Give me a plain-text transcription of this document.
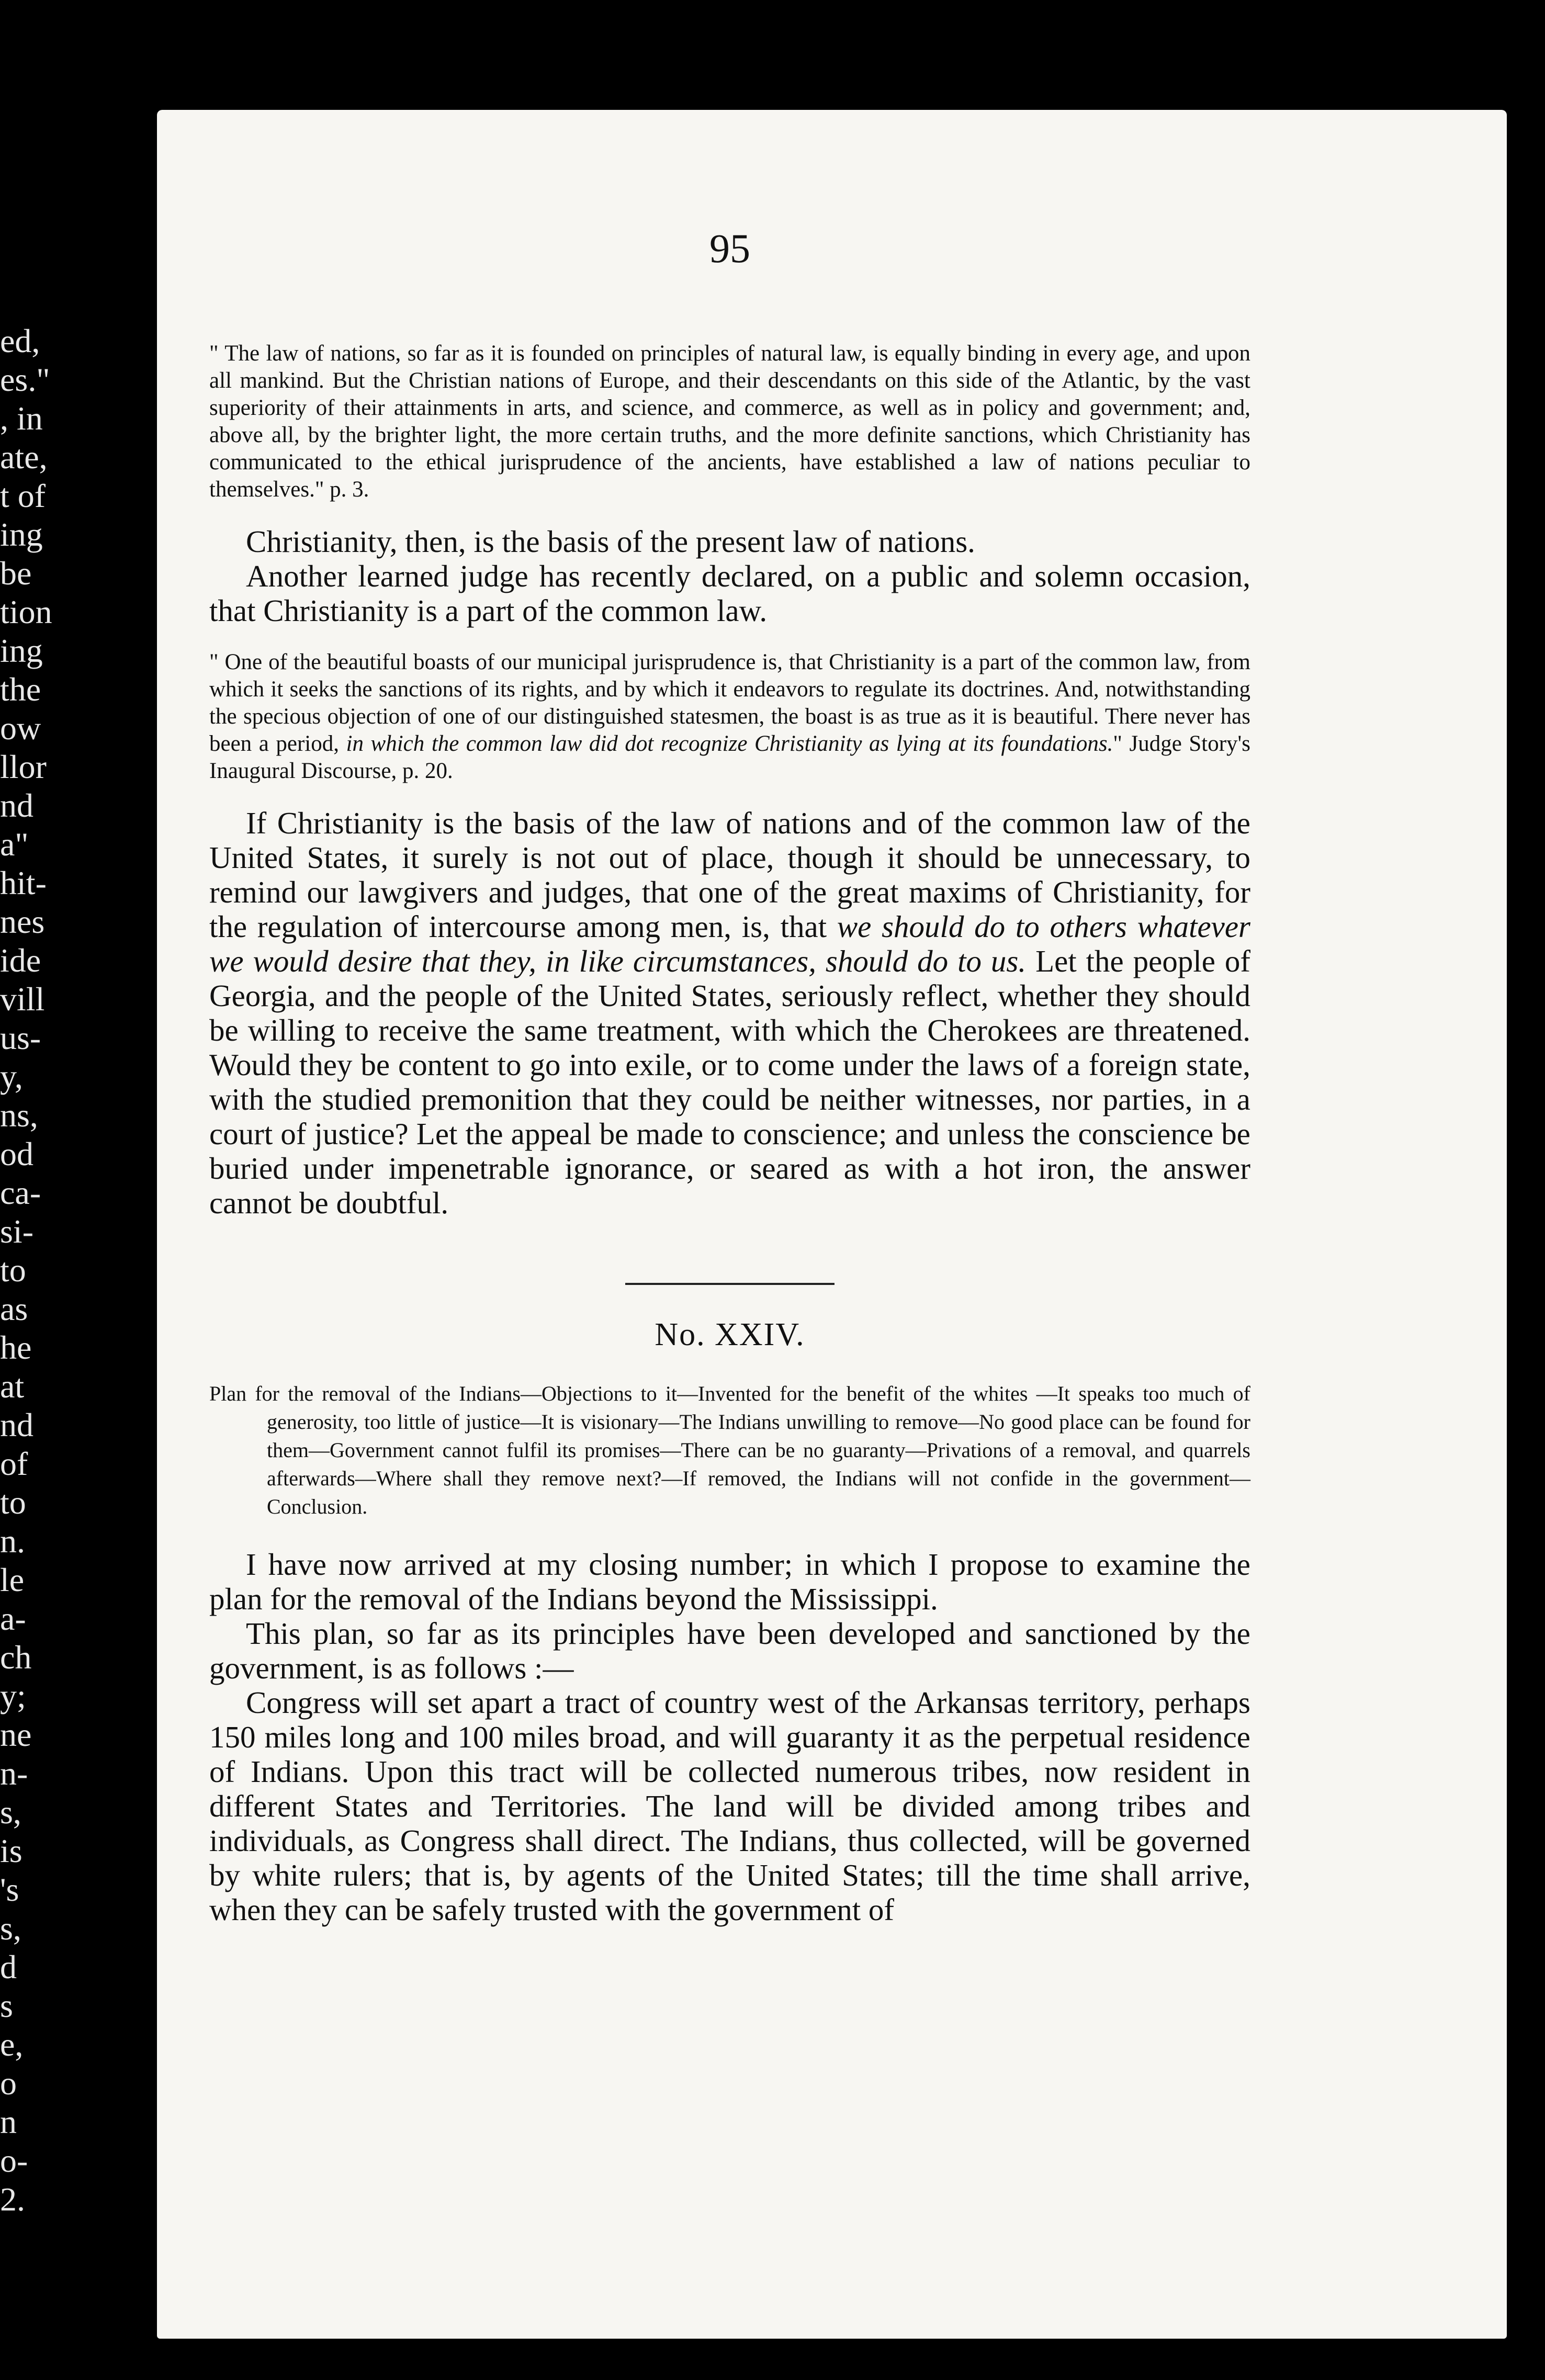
ed,
es."
, in
ate,
t of
ing
be
tion
ing
the
ow
llor
nd
a"
hit-
nes
ide
vill
us-
y,
ns,
od
ca-
si-
to
as
he
at
nd
of
to
n.
le
a-
ch
y;
ne
n-
s,
is
's
s,
d
s
e,
o
n
o-
2.
95

" The law of nations, so far as it is founded on principles of natural law, is equally binding in every age, and upon all mankind. But the Christian nations of Europe, and their descendants on this side of the Atlantic, by the vast superiority of their attainments in arts, and science, and commerce, as well as in policy and government; and, above all, by the brighter light, the more certain truths, and the more definite sanctions, which Christianity has communicated to the ethical jurisprudence of the ancients, have established a law of nations peculiar to themselves." p. 3.

Christianity, then, is the basis of the present law of nations.

Another learned judge has recently declared, on a public and solemn occasion, that Christianity is a part of the common law.

" One of the beautiful boasts of our municipal jurisprudence is, that Christianity is a part of the common law, from which it seeks the sanctions of its rights, and by which it endeavors to regulate its doctrines. And, notwithstanding the specious objection of one of our distinguished statesmen, the boast is as true as it is beautiful. There never has been a period, in which the common law did dot recognize Christianity as lying at its foundations." Judge Story's Inaugural Discourse, p. 20.

If Christianity is the basis of the law of nations and of the common law of the United States, it surely is not out of place, though it should be unnecessary, to remind our lawgivers and judges, that one of the great maxims of Christianity, for the regulation of intercourse among men, is, that we should do to others whatever we would desire that they, in like circumstances, should do to us. Let the people of Georgia, and the people of the United States, seriously reflect, whether they should be willing to receive the same treatment, with which the Cherokees are threatened. Would they be content to go into exile, or to come under the laws of a foreign state, with the studied premonition that they could be neither witnesses, nor parties, in a court of justice? Let the appeal be made to conscience; and unless the conscience be buried under impenetrable ignorance, or seared as with a hot iron, the answer cannot be doubtful.

No. XXIV.

Plan for the removal of the Indians—Objections to it—Invented for the benefit of the whites —It speaks too much of generosity, too little of justice—It is visionary—The Indians unwilling to remove—No good place can be found for them—Government cannot fulfil its promises—There can be no guaranty—Privations of a removal, and quarrels afterwards—Where shall they remove next?—If removed, the Indians will not confide in the government—Conclusion.

I have now arrived at my closing number; in which I propose to examine the plan for the removal of the Indians beyond the Mississippi.

This plan, so far as its principles have been developed and sanctioned by the government, is as follows :—

Congress will set apart a tract of country west of the Arkansas territory, perhaps 150 miles long and 100 miles broad, and will guaranty it as the perpetual residence of Indians. Upon this tract will be collected numerous tribes, now resident in different States and Territories. The land will be divided among tribes and individuals, as Congress shall direct. The Indians, thus collected, will be governed by white rulers; that is, by agents of the United States; till the time shall arrive, when they can be safely trusted with the government of
